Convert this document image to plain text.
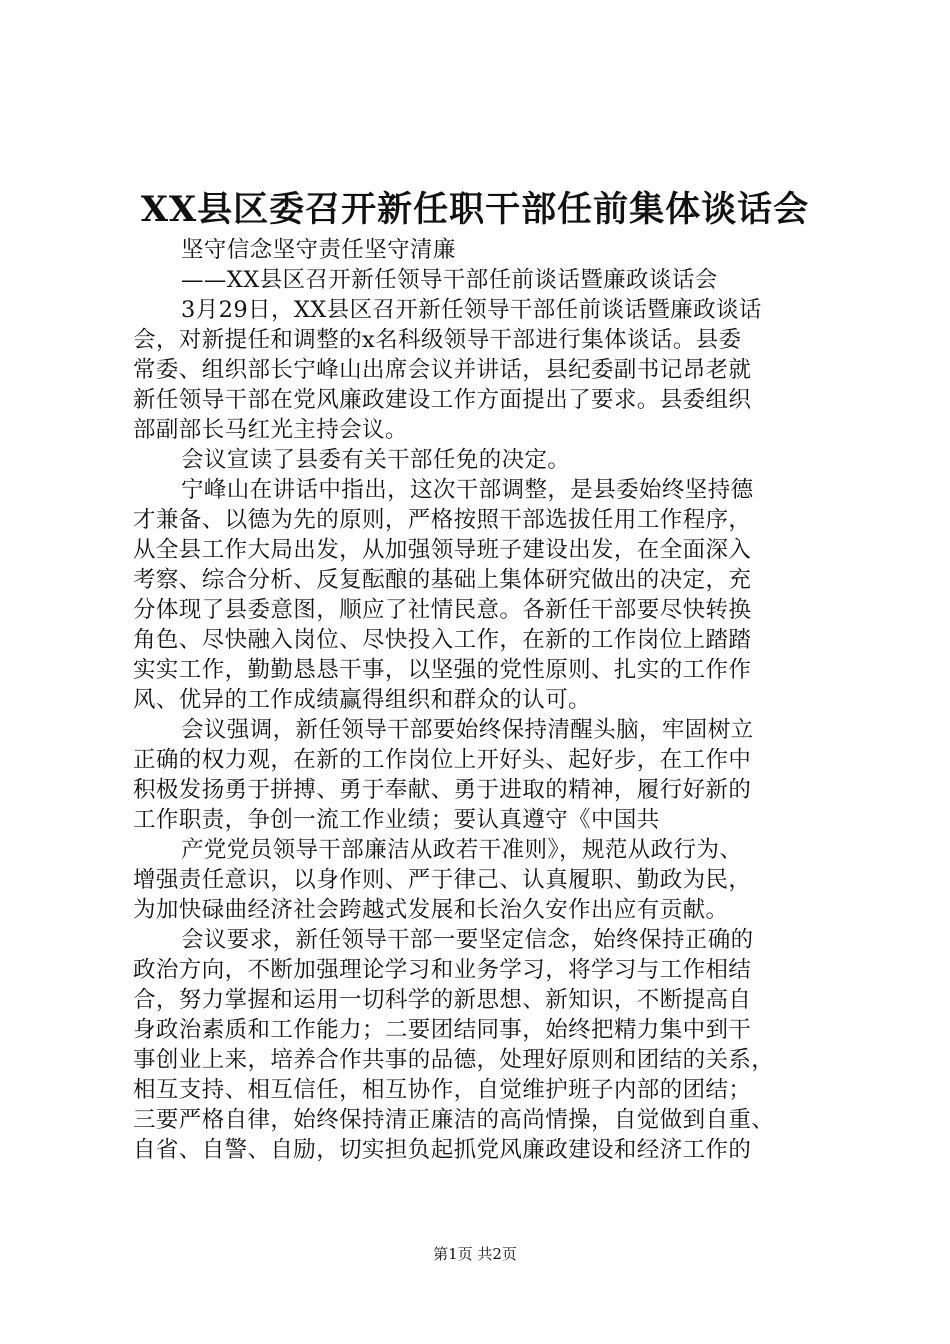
XX县区委召开新任职干部任前集体谈话会
坚守信念坚守责任坚守清廉
——XX县区召开新任领导干部任前谈话暨廉政谈话会
3月29日，XX县区召开新任领导干部任前谈话暨廉政谈话
会，对新提任和调整的x名科级领导干部进行集体谈话。县委
常委、组织部长宁峰山出席会议并讲话，县纪委副书记昂老就
新任领导干部在党风廉政建设工作方面提出了要求。县委组织
部副部长马红光主持会议。
会议宣读了县委有关干部任免的决定。
宁峰山在讲话中指出，这次干部调整，是县委始终坚持德
才兼备、以德为先的原则，严格按照干部选拔任用工作程序，
从全县工作大局出发，从加强领导班子建设出发，在全面深入
考察、综合分析、反复酝酿的基础上集体研究做出的决定，充
分体现了县委意图，顺应了社情民意。各新任干部要尽快转换
角色、尽快融入岗位、尽快投入工作，在新的工作岗位上踏踏
实实工作，勤勤恳恳干事，以坚强的党性原则、扎实的工作作
风、优异的工作成绩赢得组织和群众的认可。
会议强调，新任领导干部要始终保持清醒头脑，牢固树立
正确的权力观，在新的工作岗位上开好头、起好步，在工作中
积极发扬勇于拼搏、勇于奉献、勇于进取的精神，履行好新的
工作职责，争创一流工作业绩；要认真遵守《中国共
产党党员领导干部廉洁从政若干准则》，规范从政行为、
增强责任意识，以身作则、严于律己、认真履职、勤政为民，
为加快碌曲经济社会跨越式发展和长治久安作出应有贡献。
会议要求，新任领导干部一要坚定信念，始终保持正确的
政治方向，不断加强理论学习和业务学习，将学习与工作相结
合，努力掌握和运用一切科学的新思想、新知识，不断提高自
身政治素质和工作能力；二要团结同事，始终把精力集中到干
事创业上来，培养合作共事的品德，处理好原则和团结的关系，
相互支持、相互信任，相互协作，自觉维护班子内部的团结；
三要严格自律，始终保持清正廉洁的高尚情操，自觉做到自重、
自省、自警、自励，切实担负起抓党风廉政建设和经济工作的
第1页 共2页
